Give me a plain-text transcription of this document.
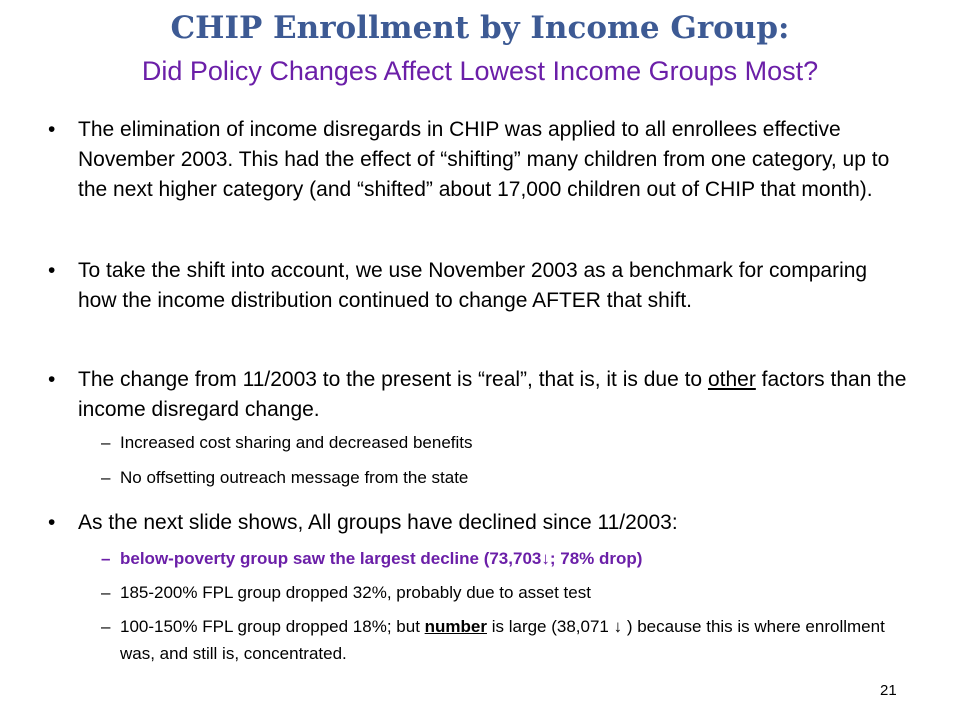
CHIP Enrollment by Income Group:
Did Policy Changes Affect Lowest Income Groups Most?
• The elimination of income disregards in CHIP was applied to all enrollees effective November 2003. This had the effect of “shifting” many children from one category, up to the next higher category (and “shifted” about 17,000 children out of CHIP that month).
• To take the shift into account, we use November 2003 as a benchmark for comparing how the income distribution continued to change AFTER that shift.
• The change from 11/2003 to the present is “real”, that is, it is due to other factors than the income disregard change.
– Increased cost sharing and decreased benefits
– No offsetting outreach message from the state
• As the next slide shows, All groups have declined since 11/2003:
– below-poverty group saw the largest decline (73,703↓; 78% drop)
– 185-200% FPL group dropped 32%, probably due to asset test
– 100-150% FPL group dropped 18%; but number is large (38,071 ↓ ) because this is where enrollment was, and still is, concentrated.
21
